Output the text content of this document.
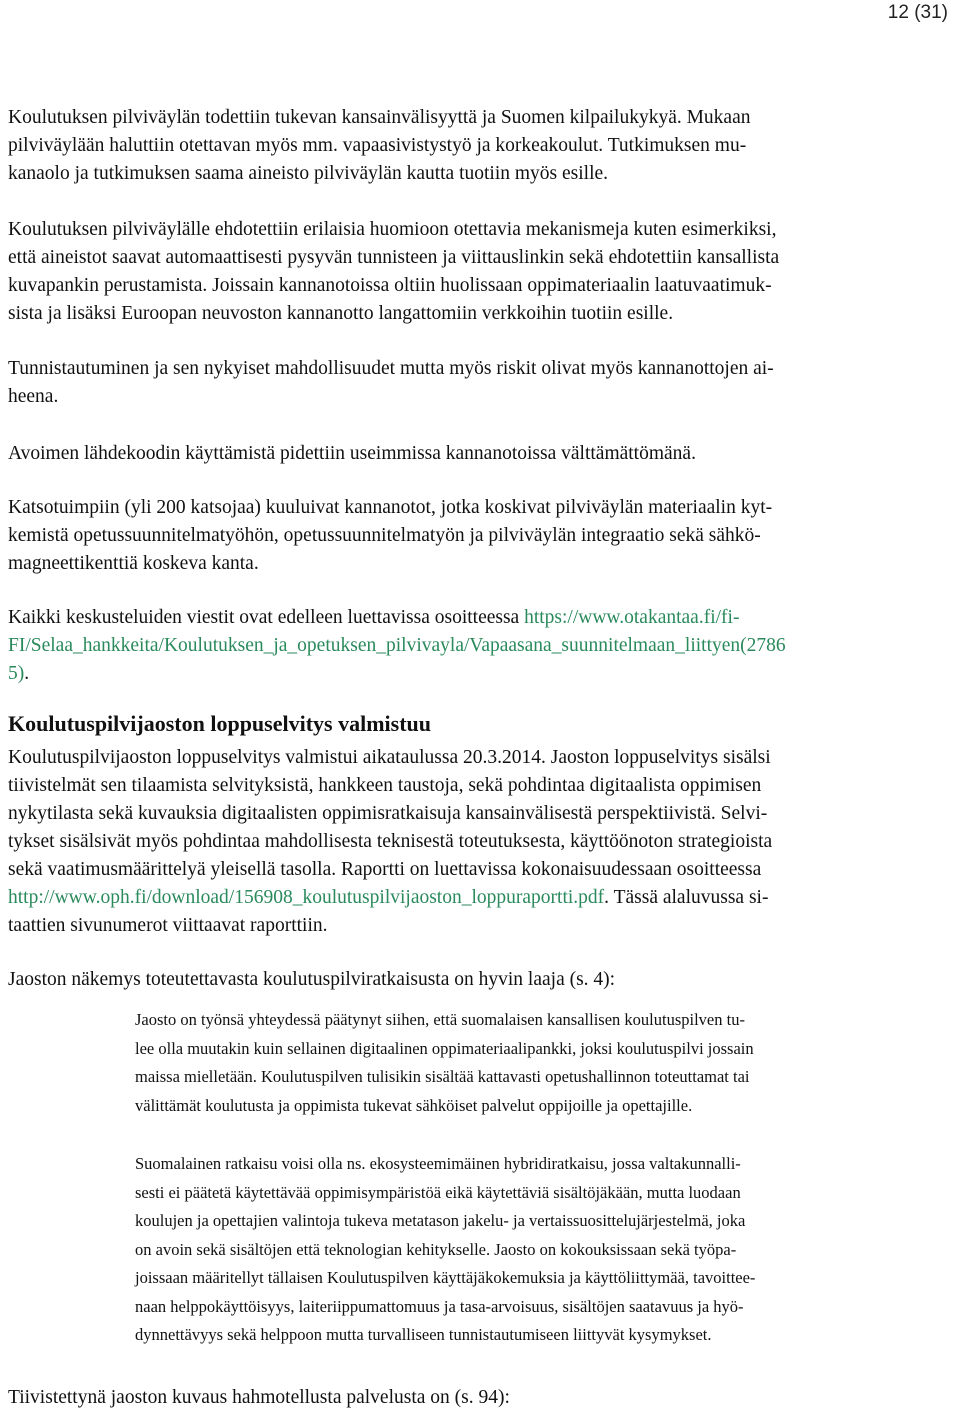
12 (31)
Koulutuksen pilviväylän todettiin tukevan kansainvälisyyttä ja Suomen kilpailukykyä. Mukaan
pilviväylään haluttiin otettavan myös mm. vapaasivistystyö ja korkeakoulut. Tutkimuksen mu-
kanaolo ja tutkimuksen saama aineisto pilviväylän kautta tuotiin myös esille.
Koulutuksen pilviväylälle ehdotettiin erilaisia huomioon otettavia mekanismeja kuten esimerkiksi,
että aineistot saavat automaattisesti pysyvän tunnisteen ja viittauslinkin sekä ehdotettiin kansallista
kuvapankin perustamista. Joissain kannanotoissa oltiin huolissaan oppimateriaalin laatuvaatimuk-
sista ja lisäksi Euroopan neuvoston kannanotto langattomiin verkkoihin tuotiin esille.
Tunnistautuminen ja sen nykyiset mahdollisuudet mutta myös riskit olivat myös kannanottojen ai-
heena.
Avoimen lähdekoodin käyttämistä pidettiin useimmissa kannanotoissa välttämättömänä.
Katsotuimpiin (yli 200 katsojaa) kuuluivat kannanotot, jotka koskivat pilviväylän materiaalin kyt-
kemistä opetussuunnitelmatyöhön, opetussuunnitelmatyön ja pilviväylän integraatio sekä sähkö-
magneettikenttiä koskeva kanta.
Kaikki keskusteluiden viestit ovat edelleen luettavissa osoitteessa https://www.otakantaa.fi/fi-
FI/Selaa_hankkeita/Koulutuksen_ja_opetuksen_pilvivayla/Vapaasana_suunnitelmaan_liittyen(2786
5).
Koulutuspilvijaoston loppuselvitys valmistuu
Koulutuspilvijaoston loppuselvitys valmistui aikataulussa 20.3.2014. Jaoston loppuselvitys sisälsi
tiivistelmät sen tilaamista selvityksistä, hankkeen taustoja, sekä pohdintaa digitaalista oppimisen
nykytilasta sekä kuvauksia digitaalisten oppimisratkaisuja kansainvälisestä perspektiivistä. Selvi-
tykset sisälsivät myös pohdintaa mahdollisesta teknisestä toteutuksesta, käyttöönoton strategioista
sekä vaatimusmäärittelyä yleisellä tasolla. Raportti on luettavissa kokonaisuudessaan osoitteessa
http://www.oph.fi/download/156908_koulutuspilvijaoston_loppuraportti.pdf. Tässä alaluvussa si-
taattien sivunumerot viittaavat raporttiin.
Jaoston näkemys toteutettavasta koulutuspilviratkaisusta on hyvin laaja (s. 4):
Jaosto on työnsä yhteydessä päätynyt siihen, että suomalaisen kansallisen koulutuspilven tu-
lee olla muutakin kuin sellainen digitaalinen oppimateriaalipankki, joksi koulutuspilvi jossain
maissa mielletään. Koulutuspilven tulisikin sisältää kattavasti opetushallinnon toteuttamat tai
välittämät koulutusta ja oppimista tukevat sähköiset palvelut oppijoille ja opettajille.
Suomalainen ratkaisu voisi olla ns. ekosysteemimäinen hybridiratkaisu, jossa valtakunnalli-
sesti ei päätetä käytettävää oppimisympäristöä eikä käytettäviä sisältöjäkään, mutta luodaan
koulujen ja opettajien valintoja tukeva metatason jakelu- ja vertaissuosittelujärjestelmä, joka
on avoin sekä sisältöjen että teknologian kehitykselle. Jaosto on kokouksissaan sekä työpa-
joissaan määritellyt tällaisen Koulutuspilven käyttäjäkokemuksia ja käyttöliittymää, tavoittee-
naan helppokäyttöisyys, laiteriippumattomuus ja tasa-arvoisuus, sisältöjen saatavuus ja hyö-
dynnettävyys sekä helppoon mutta turvalliseen tunnistautumiseen liittyvät kysymykset.
Tiivistettynä jaoston kuvaus hahmotellusta palvelusta on (s. 94):
